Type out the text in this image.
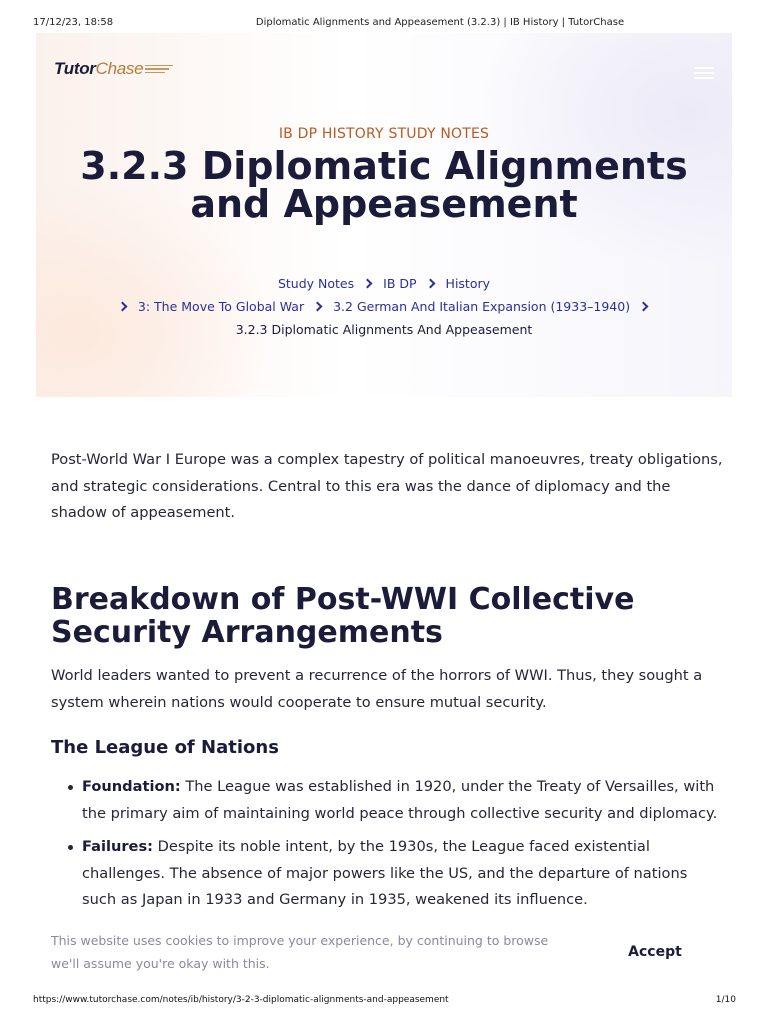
17/12/23, 18:58	Diplomatic Alignments and Appeasement (3.2.3) | IB History | TutorChase
Tutor Chase
IB DP HISTORY STUDY NOTES
3.2.3 Diplomatic Alignments and Appeasement
Study Notes IB DP History
3: The Move To Global War 3.2 German And Italian Expansion (1933–1940)
3.2.3 Diplomatic Alignments And Appeasement

Post-World War I Europe was a complex tapestry of political manoeuvres, treaty obligations, and strategic considerations. Central to this era was the dance of diplomacy and the shadow of appeasement.

Breakdown of Post-WWI Collective Security Arrangements

World leaders wanted to prevent a recurrence of the horrors of WWI. Thus, they sought a system wherein nations would cooperate to ensure mutual security.

The League of Nations
Foundation: The League was established in 1920, under the Treaty of Versailles, with the primary aim of maintaining world peace through collective security and diplomacy.
Failures: Despite its noble intent, by the 1930s, the League faced existential challenges. The absence of major powers like the US, and the departure of nations such as Japan in 1933 and Germany in 1935, weakened its influence.

This website uses cookies to improve your experience, by continuing to browse we'll assume you're okay with this.

Accept
https://www.tutorchase.com/notes/ib/history/3-2-3-diplomatic-alignments-and-appeasement	1/10
